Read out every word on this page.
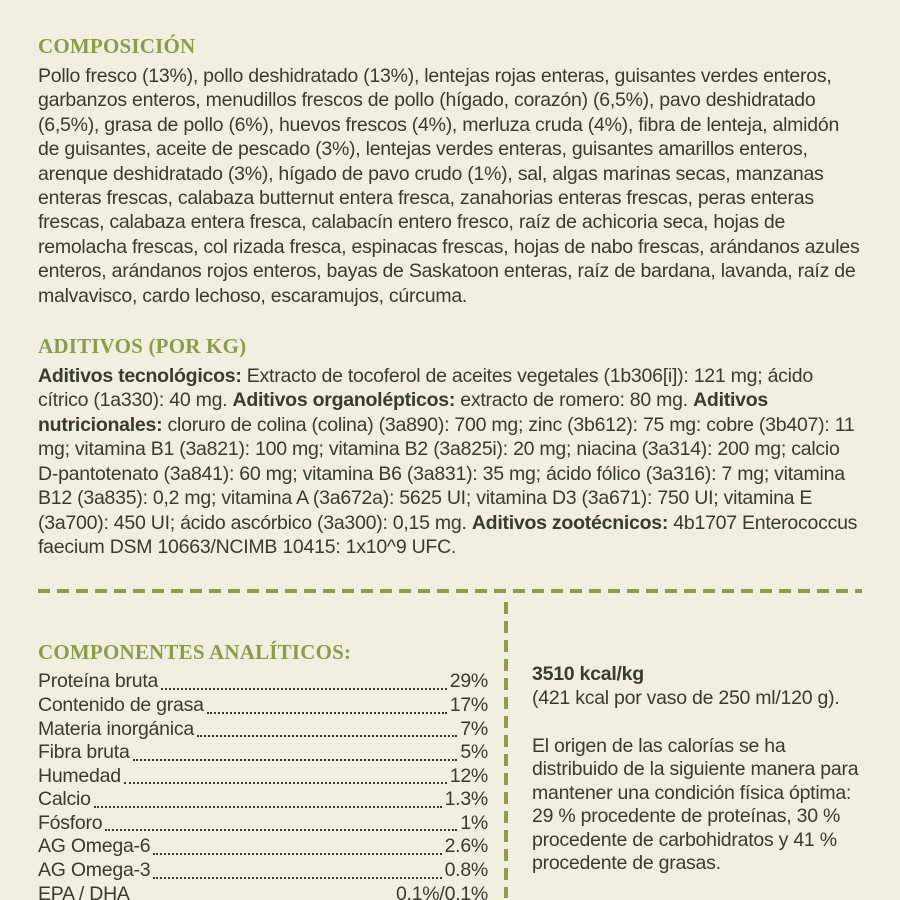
COMPOSICIÓN

Pollo fresco (13%), pollo deshidratado (13%), lentejas rojas enteras, guisantes verdes enteros, garbanzos enteros, menudillos frescos de pollo (hígado, corazón) (6,5%), pavo deshidratado (6,5%), grasa de pollo (6%), huevos frescos (4%), merluza cruda (4%), fibra de lenteja, almidón de guisantes, aceite de pescado (3%), lentejas verdes enteras, guisantes amarillos enteros, arenque deshidratado (3%), hígado de pavo crudo (1%), sal, algas marinas secas, manzanas enteras frescas, calabaza butternut entera fresca, zanahorias enteras frescas, peras enteras frescas, calabaza entera fresca, calabacín entero fresco, raíz de achicoria seca, hojas de remolacha frescas, col rizada fresca, espinacas frescas, hojas de nabo frescas, arándanos azules enteros, arándanos rojos enteros, bayas de Saskatoon enteras, raíz de bardana, lavanda, raíz de malvavisco, cardo lechoso, escaramujos, cúrcuma.

ADITIVOS (POR KG)

Aditivos tecnológicos: Extracto de tocoferol de aceites vegetales (1b306[i]): 121 mg; ácido cítrico (1a330): 40 mg. Aditivos organolépticos: extracto de romero: 80 mg. Aditivos nutricionales: cloruro de colina (colina) (3a890): 700 mg; zinc (3b612): 75 mg: cobre (3b407): 11 mg; vitamina B1 (3a821): 100 mg; vitamina B2 (3a825i): 20 mg; niacina (3a314): 200 mg; calcio D-pantotenato (3a841): 60 mg; vitamina B6 (3a831): 35 mg; ácido fólico (3a316): 7 mg; vitamina B12 (3a835): 0,2 mg; vitamina A (3a672a): 5625 UI; vitamina D3 (3a671): 750 UI; vitamina E (3a700): 450 UI; ácido ascórbico (3a300): 0,15 mg. Aditivos zootécnicos: 4b1707 Enterococcus faecium DSM 10663/NCIMB 10415: 1x10^9 UFC.

COMPONENTES ANALÍTICOS:
Proteína bruta	29%
Contenido de grasa	17%
Materia inorgánica	7%
Fibra bruta	5%
Humedad	12%
Calcio	1.3%
Fósforo	1%
AG Omega-6	2.6%
AG Omega-3	0.8%
EPA / DHA	0.1%/0.1%

3510 kcal/kg

(421 kcal por vaso de 250 ml/120 g).

El origen de las calorías se ha distribuido de la siguiente manera para mantener una condición física óptima: 29 % procedente de proteínas, 30 % procedente de carbohidratos y 41 % procedente de grasas.
